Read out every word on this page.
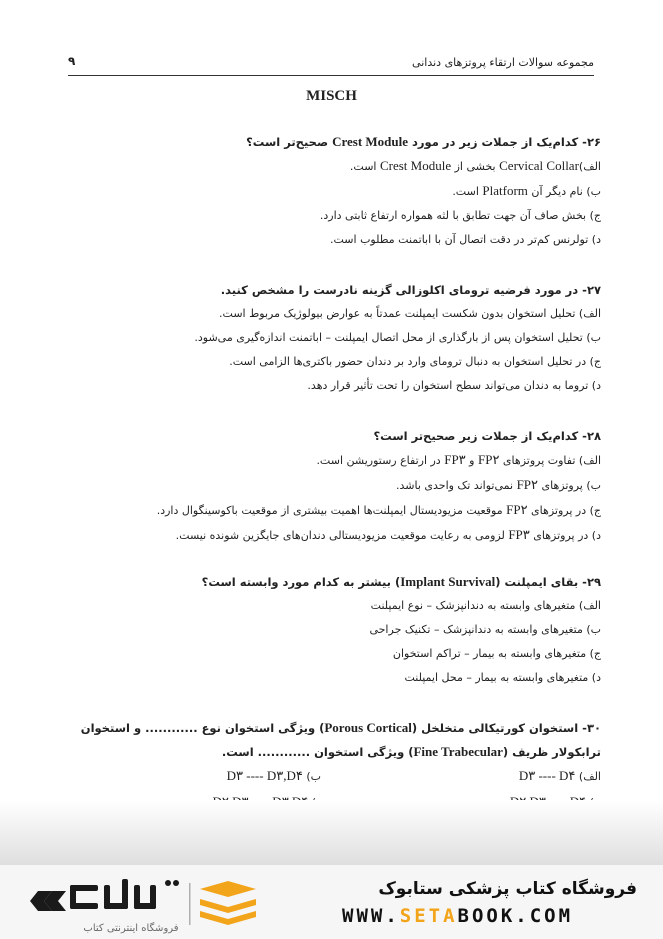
مجموعه سوالات ارتقاء پروتزهای دندانی
۹
MISCH
۲۶- کدام‌یک از جملات زیر در مورد Crest Module صحیح‌تر است؟
الف)Cervical Collar بخشی از Crest Module است.
ب) نام دیگر آن Platform است.
ج) بخش صاف آن جهت تطابق با لثه همواره ارتفاع ثابتی دارد.
د) تولرنس کم‌تر در دقت اتصال آن با اباتمنت مطلوب است.
۲۷- در مورد فرضیه ترومای اکلوزالی گزینه نادرست را مشخص کنید.
الف) تحلیل استخوان بدون شکست ایمپلنت عمدتاً به عوارض بیولوژیک مربوط است.
ب) تحلیل استخوان پس از بارگذاری از محل اتصال ایمپلنت – اباتمنت اندازه‌گیری می‌شود.
ج) در تحلیل استخوان به دنبال ترومای وارد بر دندان حضور باکتری‌ها الزامی است.
د) تروما به دندان می‌تواند سطح استخوان را تحت تأثیر قرار دهد.
۲۸- کدام‌یک از جملات زیر صحیح‌تر است؟
الف) تفاوت پروتزهای FP۲ و FP۳ در ارتفاع رستوریشن است.
ب) پروتزهای FP۲ نمی‌تواند تک واحدی باشد.
ج) در پروتزهای FP۲ موقعیت مزیودیستال ایمپلنت‌ها اهمیت بیشتری از موقعیت باکوسینگوال دارد.
د) در پروتزهای FP۳ لزومی به رعایت موقعیت مزیودیستالی دندان‌های جایگزین شونده نیست.
۲۹- بقای ایمپلنت (Implant Survival) بیشتر به کدام مورد وابسته است؟
الف) متغیرهای وابسته به دندانپزشک – نوع ایمپلنت
ب) متغیرهای وابسته به دندانپزشک – تکنیک جراحی
ج) متغیرهای وابسته به بیمار – تراکم استخوان
د) متغیرهای وابسته به بیمار – محل ایمپلنت
۳۰- استخوان کورتیکالی متخلخل (Porous Cortical) ویژگی استخوان نوع ............ و استخوان ترابکولار ظریف (Fine Trabecular) ویژگی استخوان ............ است.
الف) D۳ ---- D۴
ب) D۳ ---- D۳,D۴
فروشگاه اینترنتی کتاب
فروشگاه کتاب پزشکی ستابوک
WWW.SETABOOK.COM
